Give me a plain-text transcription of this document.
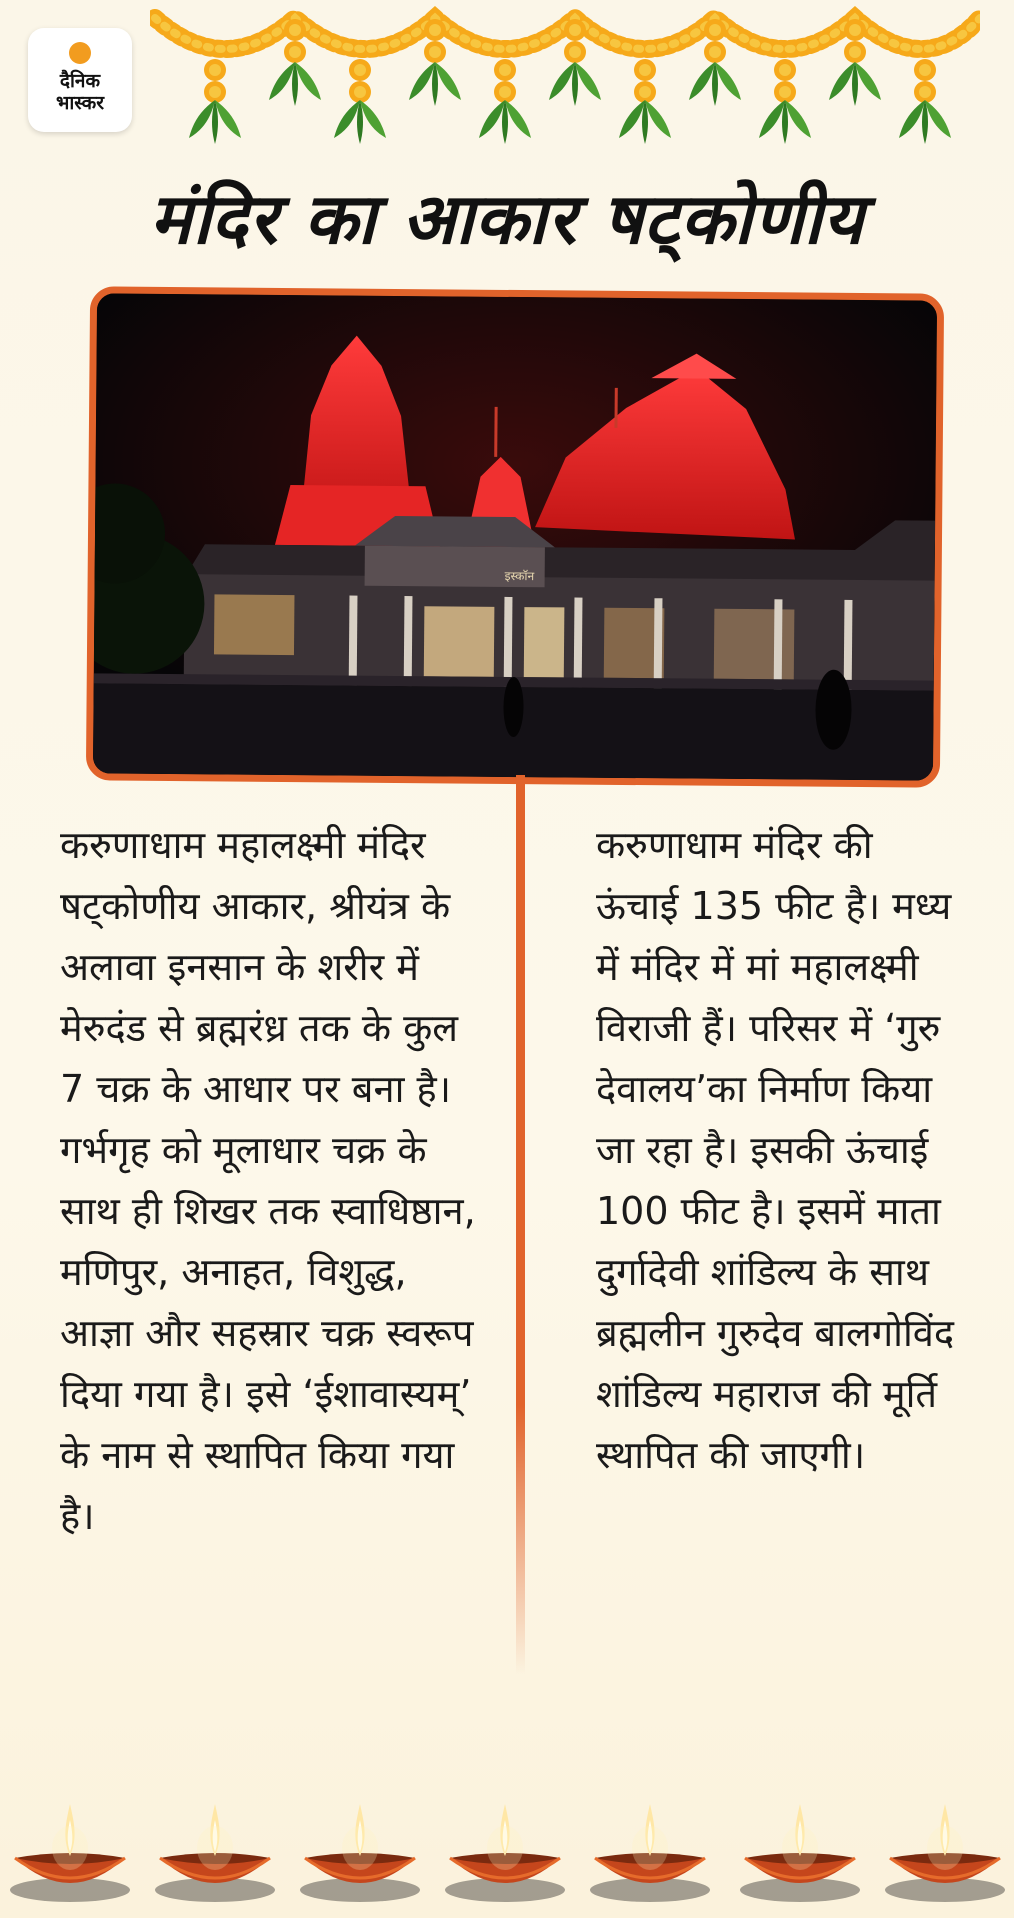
दैनिक
भास्कर
मंदिर का आकार षट्कोणीय
इस्कॉन

करुणाधाम महालक्ष्मी मंदिर षट्कोणीय आकार, श्रीयंत्र के अलावा इनसान के शरीर में मेरुदंड से ब्रह्मरंध्र तक के कुल 7 चक्र के आधार पर बना है। गर्भगृह को मूलाधार चक्र के साथ ही शिखर तक स्वाधिष्ठान, मणिपुर, अनाहत, विशुद्ध, आज्ञा और सहस्रार चक्र स्वरूप दिया गया है। इसे ‘ईशावास्यम्’ के नाम से स्थापित किया गया है।

करुणाधाम मंदिर की ऊंचाई 135 फीट है। मध्य में मंदिर में मां महालक्ष्मी विराजी हैं। परिसर में ‘गुरु देवालय’का निर्माण किया जा रहा है। इसकी ऊंचाई 100 फीट है। इसमें माता दुर्गादेवी शांडिल्य के साथ ब्रह्मलीन गुरुदेव बालगोविंद शांडिल्य महाराज की मूर्ति स्थापित की जाएगी।
